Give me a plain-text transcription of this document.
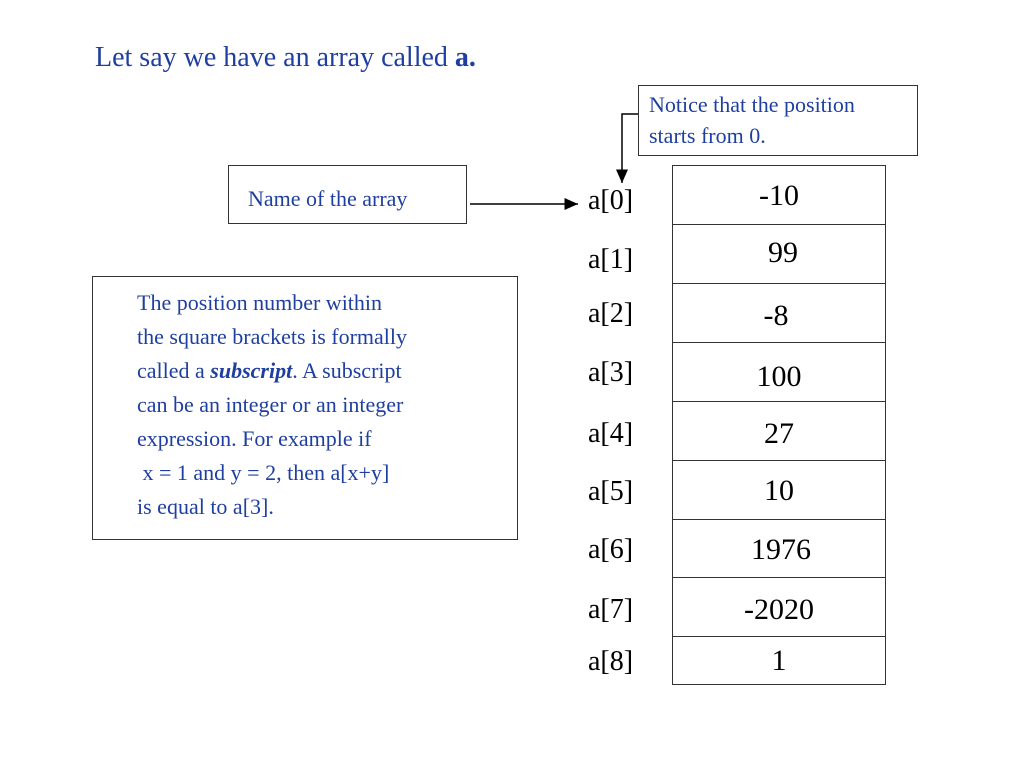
Let say we have an array called a.
Notice that the position
starts from 0.
Name of the array
The position number within
the square brackets is formally
called a subscript. A subscript
can be an integer or an integer
expression. For example if
x = 1 and y = 2, then a[x+y]
is equal to a[3].
-10
99
-8
100
27
10
1976
-2020
1
a[0]
a[1]
a[2]
a[3]
a[4]
a[5]
a[6]
a[7]
a[8]
